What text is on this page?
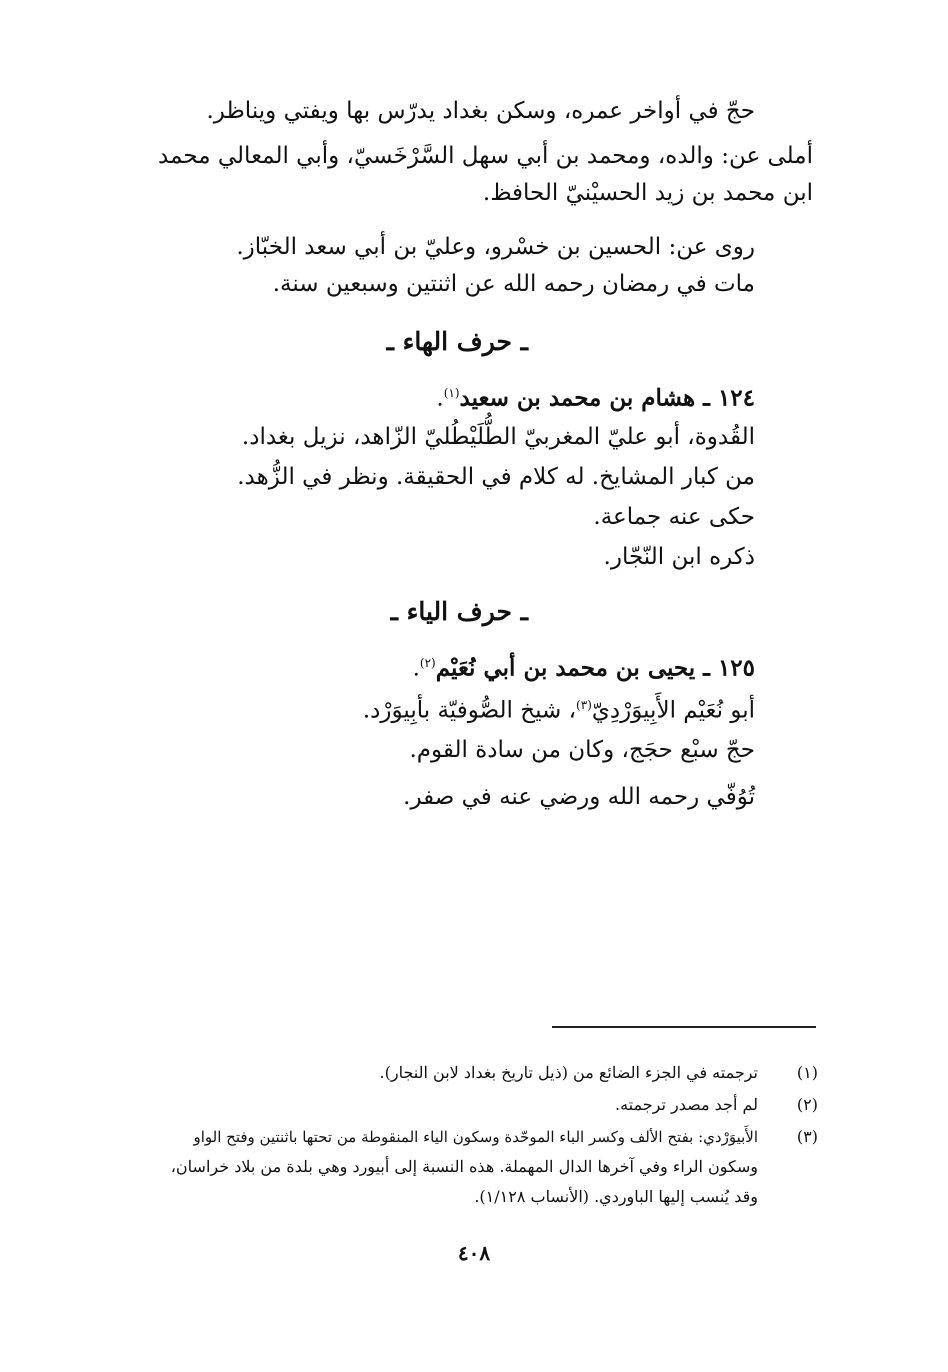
حجّ في أواخر عمره، وسكن بغداد يدرّس بها ويفتي ويناظر.
أملى عن: والده، ومحمد بن أبي سهل السَّرْخَسيّ، وأبي المعالي محمد
ابن محمد بن زيد الحسيْنيّ الحافظ.
روى عن: الحسين بن خسْرو، وعليّ بن أبي سعد الخبّاز.
مات في رمضان رحمه الله عن اثنتين وسبعين سنة.
ـ حرف الهاء ـ
١٢٤ ـ هشام بن محمد بن سعيد$^{(١)}$.
القُدوة، أبو عليّ المغربيّ الطُّلَيْطُليّ الزّاهد، نزيل بغداد.
من كبار المشايخ. له كلام في الحقيقة. ونظر في الزُّهد.
حكى عنه جماعة.
ذكره ابن النّجّار.
ـ حرف الياء ـ
١٢٥ ـ يحيى بن محمد بن أبي نُعَيْم$^{(٢)}$.
أبو نُعَيْم الأَبِيوَرْدِيّ$^{(٣)}$، شيخ الصُّوفيّة بأبِيوَرْد.
حجّ سبْع حجَج، وكان من سادة القوم.
تُوُفّي رحمه الله ورضي عنه في صفر.
(١)
ترجمته في الجزء الضائع من (ذيل تاريخ بغداد لابن النجار).
(٢)
لم أجد مصدر ترجمته.
(٣)
الأَبيوَرْدي: بفتح الألف وكسر الباء الموحّدة وسكون الياء المنقوطة من تحتها باثنتين وفتح الواو
وسكون الراء وفي آخرها الدال المهملة. هذه النسبة إلى أبيورد وهي بلدة من بلاد خراسان،
وقد يُنسب إليها الباوردي. (الأنساب ١/١٢٨).
٤٠٨
